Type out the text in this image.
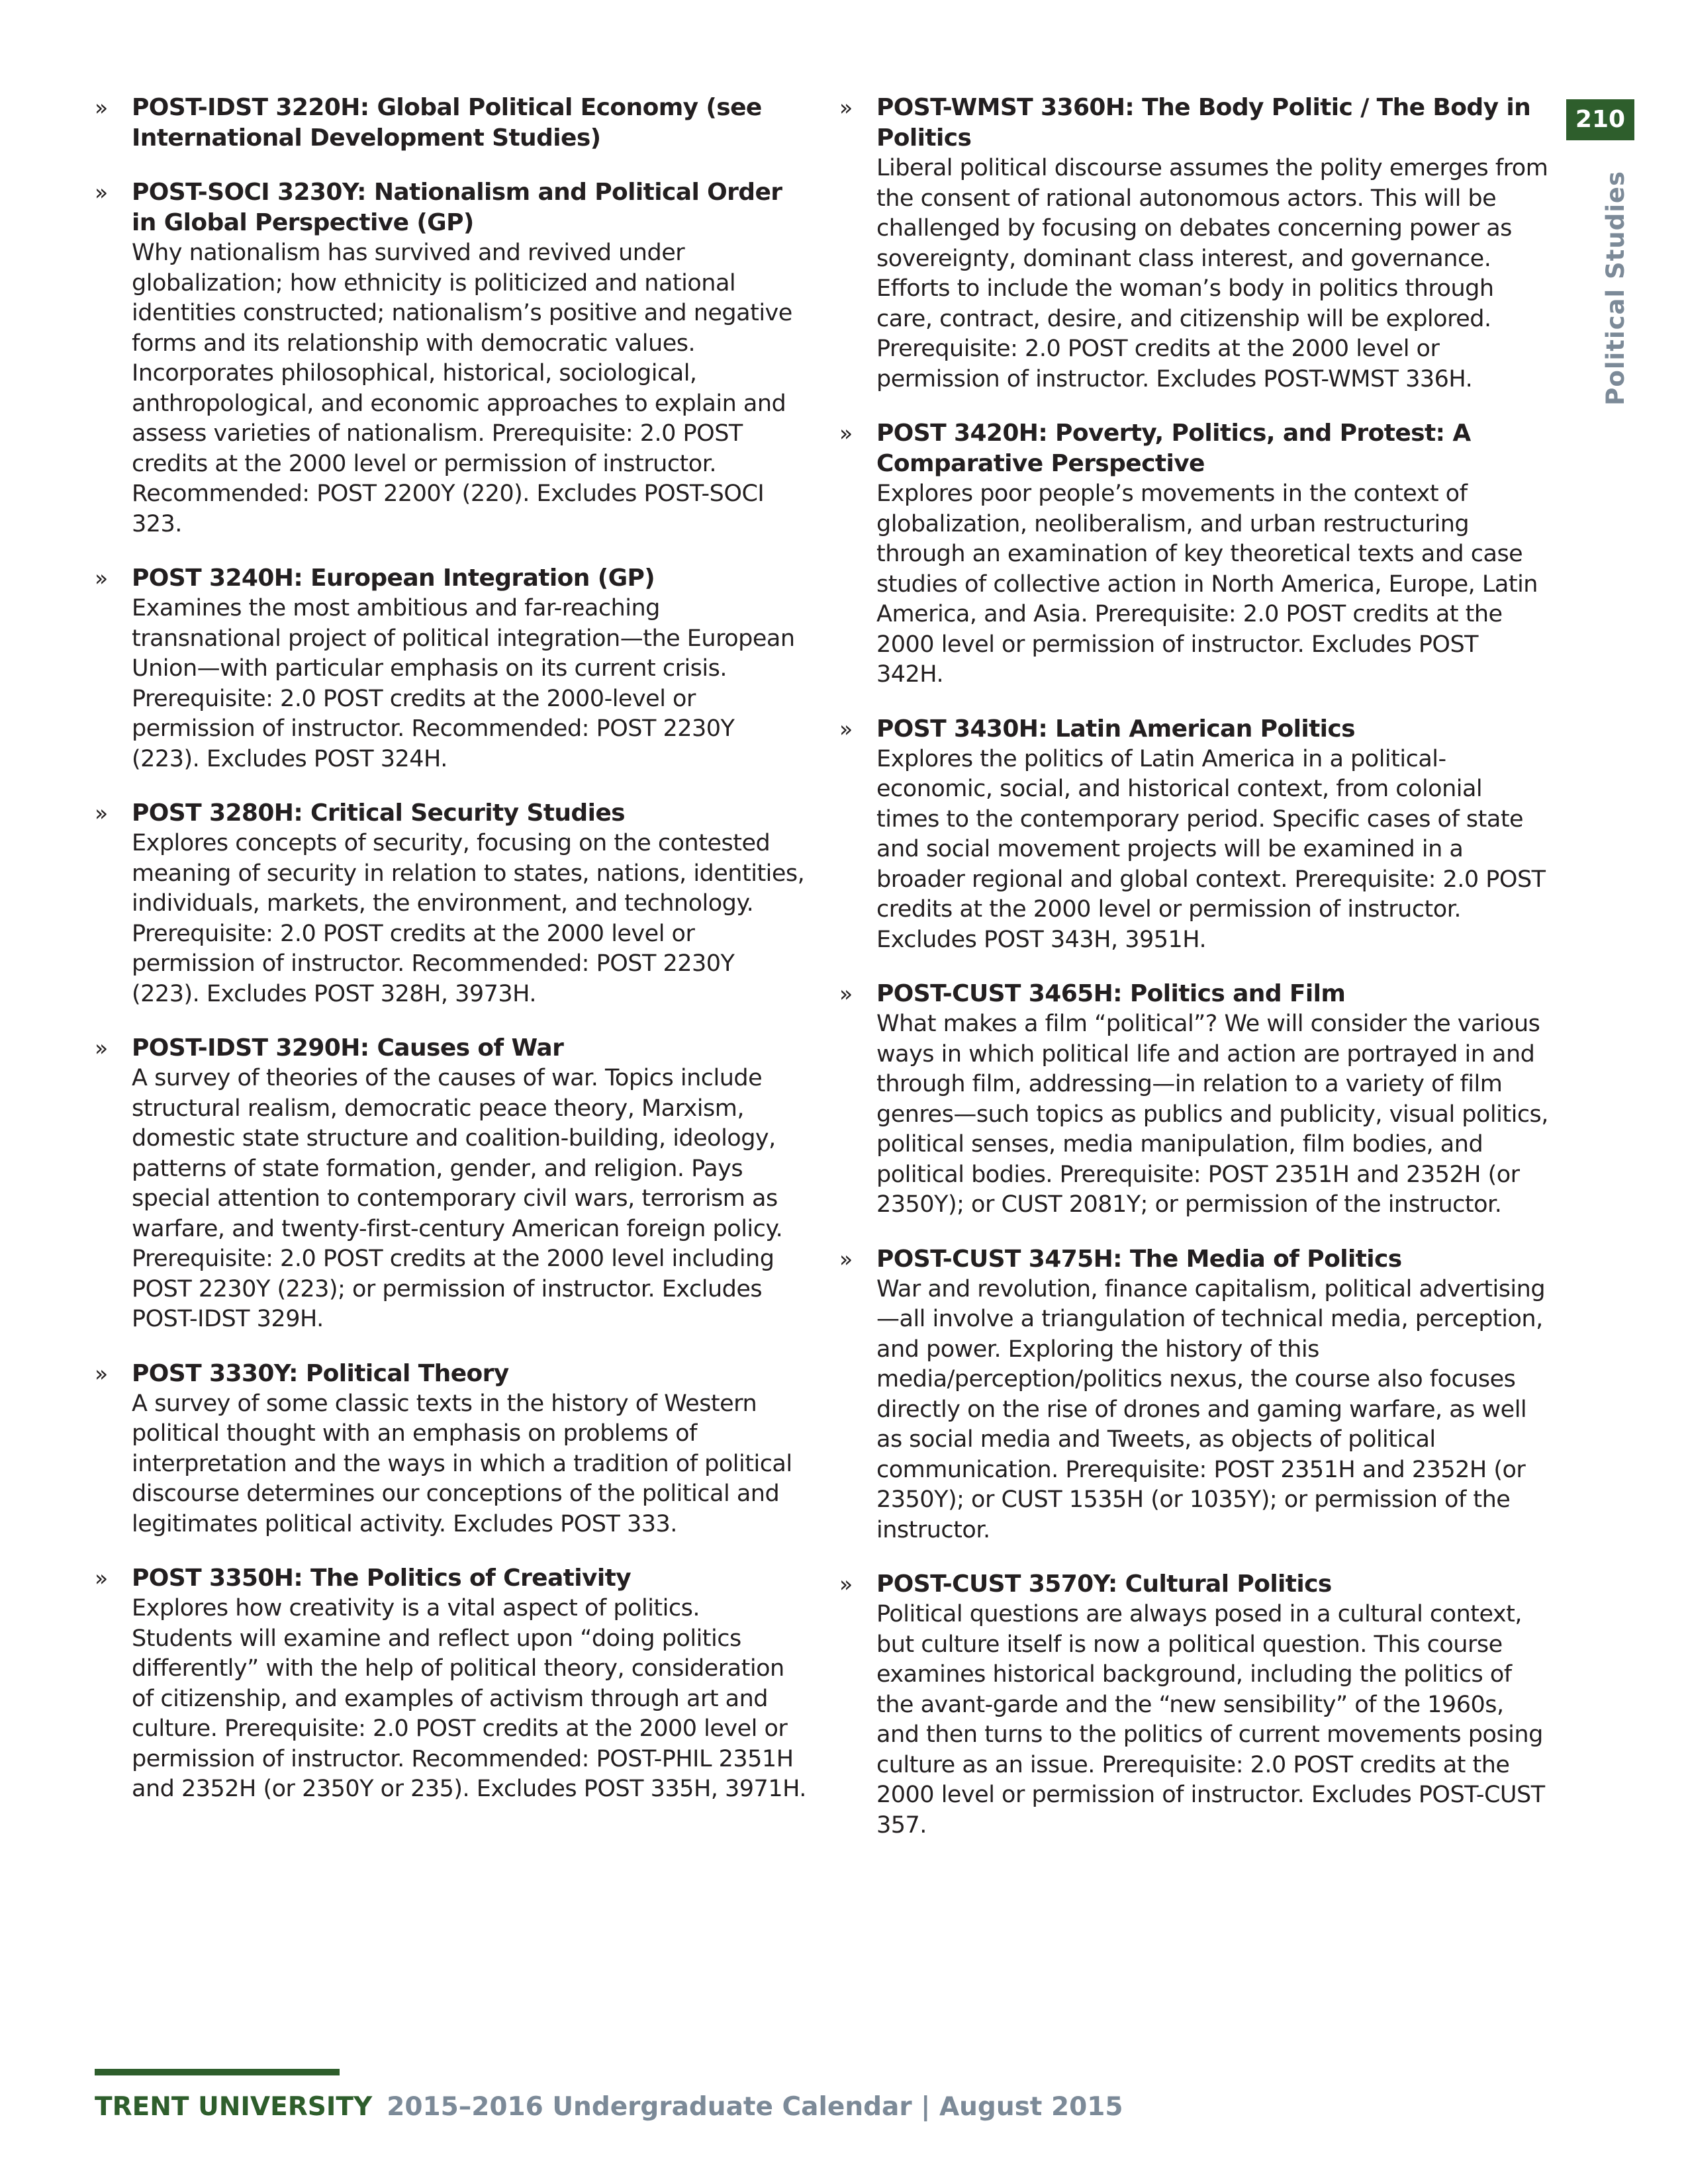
» POST-IDST 3220H: Global Political Economy (see International Development Studies)
» POST-SOCI 3230Y: Nationalism and Political Order in Global Perspective (GP)
Why nationalism has survived and revived under globalization; how ethnicity is politicized and national identities constructed; nationalism’s positive and negative forms and its relationship with democratic values. Incorporates philosophical, historical, sociological, anthropological, and economic approaches to explain and assess varieties of nationalism. Prerequisite: 2.0 POST credits at the 2000 level or permission of instructor. Recommended: POST 2200Y (220). Excludes POST-SOCI 323.
» POST 3240H: European Integration (GP)
Examines the most ambitious and far-reaching transnational project of political integration—the European Union—with particular emphasis on its current crisis. Prerequisite: 2.0 POST credits at the 2000-level or permission of instructor. Recommended: POST 2230Y (223). Excludes POST 324H.
» POST 3280H: Critical Security Studies
Explores concepts of security, focusing on the contested meaning of security in relation to states, nations, identities, individuals, markets, the environment, and technology. Prerequisite: 2.0 POST credits at the 2000 level or permission of instructor. Recommended: POST 2230Y (223). Excludes POST 328H, 3973H.
» POST-IDST 3290H: Causes of War
A survey of theories of the causes of war. Topics include structural realism, democratic peace theory, Marxism, domestic state structure and coalition-building, ideology, patterns of state formation, gender, and religion. Pays special attention to contemporary civil wars, terrorism as warfare, and twenty-first-century American foreign policy. Prerequisite: 2.0 POST credits at the 2000 level including POST 2230Y (223); or permission of instructor. Excludes POST-IDST 329H.
» POST 3330Y: Political Theory
A survey of some classic texts in the history of Western political thought with an emphasis on problems of interpretation and the ways in which a tradition of political discourse determines our conceptions of the political and legitimates political activity. Excludes POST 333.
» POST 3350H: The Politics of Creativity
Explores how creativity is a vital aspect of politics. Students will examine and reflect upon “doing politics differently” with the help of political theory, consideration of citizenship, and examples of activism through art and culture. Prerequisite: 2.0 POST credits at the 2000 level or permission of instructor. Recommended: POST-PHIL 2351H and 2352H (or 2350Y or 235). Excludes POST 335H, 3971H.
» POST-WMST 3360H: The Body Politic / The Body in Politics
Liberal political discourse assumes the polity emerges from the consent of rational autonomous actors. This will be challenged by focusing on debates concerning power as sovereignty, dominant class interest, and governance. Efforts to include the woman’s body in politics through care, contract, desire, and citizenship will be explored. Prerequisite: 2.0 POST credits at the 2000 level or permission of instructor. Excludes POST-WMST 336H.
» POST 3420H: Poverty, Politics, and Protest: A Comparative Perspective
Explores poor people’s movements in the context of globalization, neoliberalism, and urban restructuring through an examination of key theoretical texts and case studies of collective action in North America, Europe, Latin America, and Asia. Prerequisite: 2.0 POST credits at the 2000 level or permission of instructor. Excludes POST 342H.
» POST 3430H: Latin American Politics
Explores the politics of Latin America in a political-economic, social, and historical context, from colonial times to the contemporary period. Specific cases of state and social movement projects will be examined in a broader regional and global context. Prerequisite: 2.0 POST credits at the 2000 level or permission of instructor. Excludes POST 343H, 3951H.
» POST-CUST 3465H: Politics and Film
What makes a film “political”? We will consider the various ways in which political life and action are portrayed in and through film, addressing—in relation to a variety of film genres—such topics as publics and publicity, visual politics, political senses, media manipulation, film bodies, and political bodies. Prerequisite: POST 2351H and 2352H (or 2350Y); or CUST 2081Y; or permission of the instructor.
» POST-CUST 3475H: The Media of Politics
War and revolution, finance capitalism, political advertising—all involve a triangulation of technical media, perception, and power. Exploring the history of this media/perception/politics nexus, the course also focuses directly on the rise of drones and gaming warfare, as well as social media and Tweets, as objects of political communication. Prerequisite: POST 2351H and 2352H (or 2350Y); or CUST 1535H (or 1035Y); or permission of the instructor.
» POST-CUST 3570Y: Cultural Politics
Political questions are always posed in a cultural context, but culture itself is now a political question. This course examines historical background, including the politics of the avant-garde and the “new sensibility” of the 1960s, and then turns to the politics of current movements posing culture as an issue. Prerequisite: 2.0 POST credits at the 2000 level or permission of instructor. Excludes POST-CUST 357.
210
Political Studies
TRENT UNIVERSITY 2015–2016 Undergraduate Calendar | August 2015
